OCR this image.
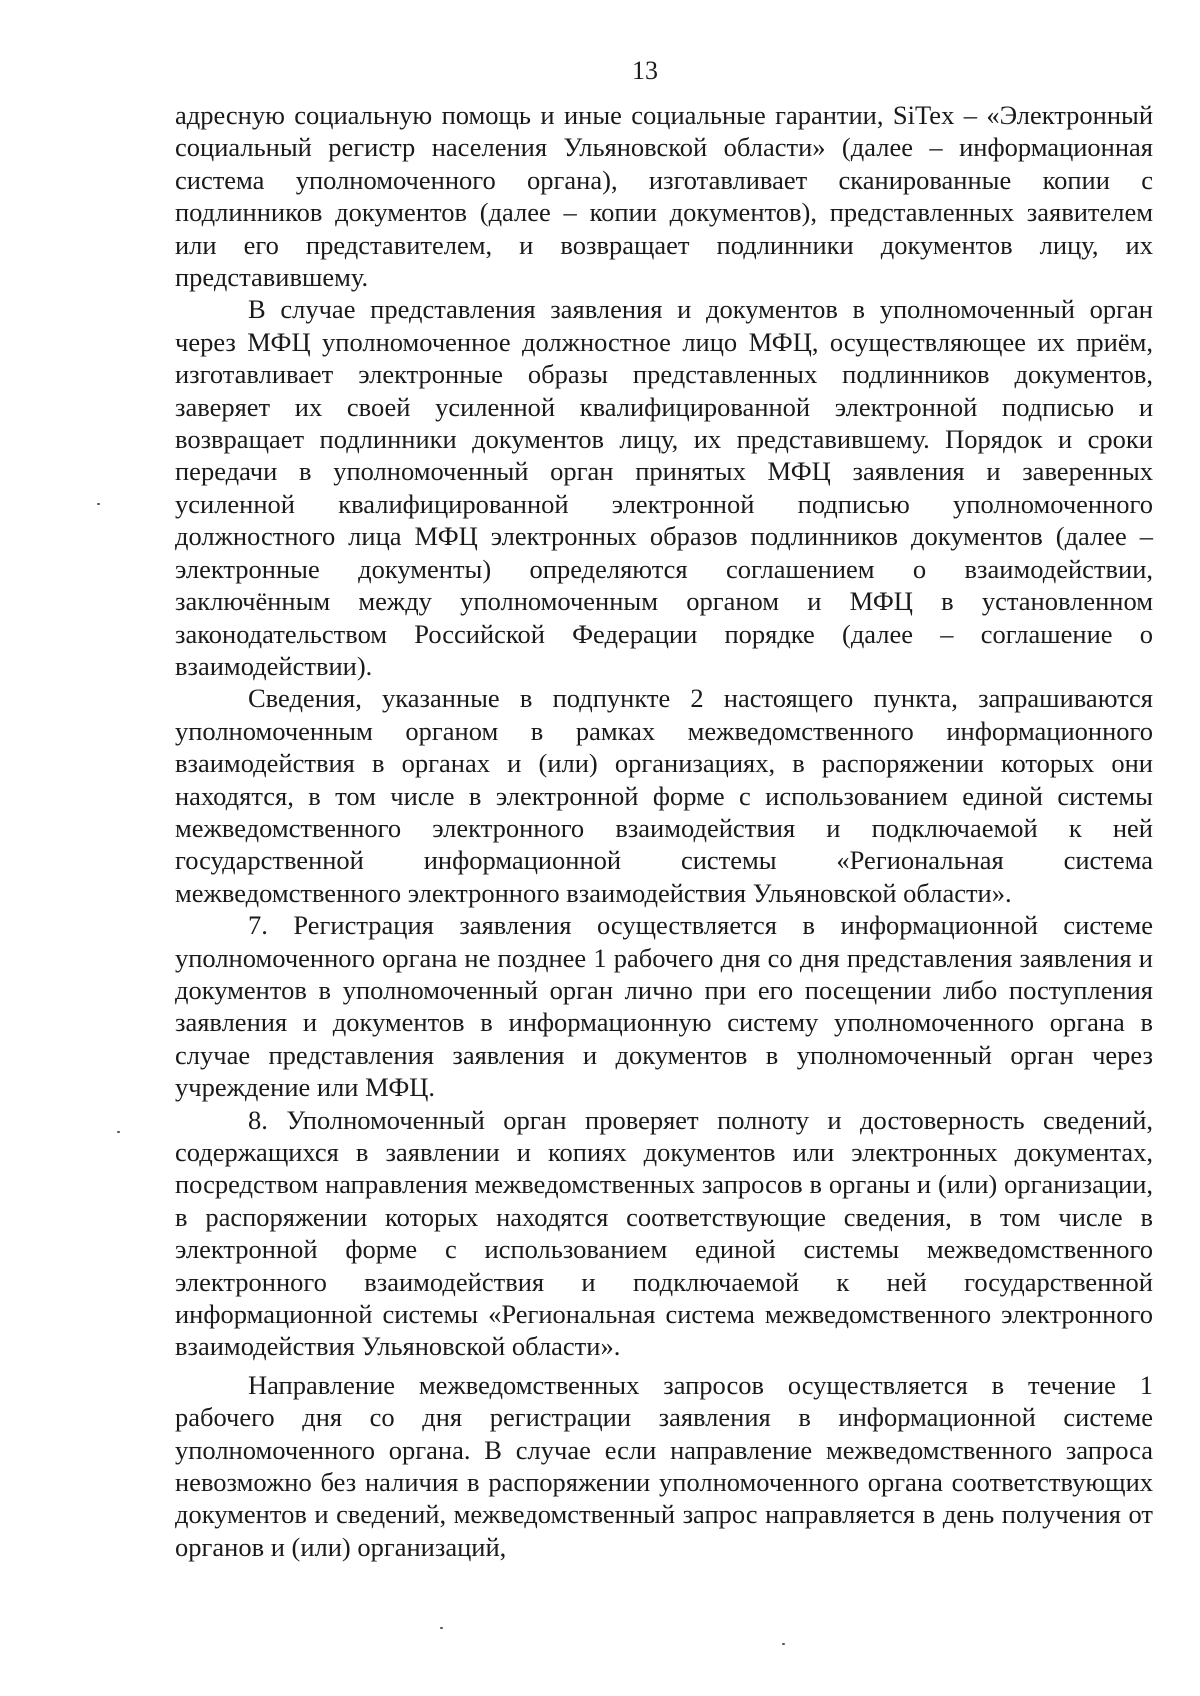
13

адресную социальную помощь и иные социальные гарантии, SiTex – «Электронный социальный регистр населения Ульяновской области» (далее – информационная система уполномоченного органа), изготавливает сканированные копии с подлинников документов (далее – копии документов), представленных заявителем или его представителем, и возвращает подлинники документов лицу, их представившему.

В случае представления заявления и документов в уполномоченный орган через МФЦ уполномоченное должностное лицо МФЦ, осуществляющее их приём, изготавливает электронные образы представленных подлинников документов, заверяет их своей усиленной квалифицированной электронной подписью и возвращает подлинники документов лицу, их представившему. Порядок и сроки передачи в уполномоченный орган принятых МФЦ заявления и заверенных усиленной квалифицированной электронной подписью уполномоченного должностного лица МФЦ электронных образов подлинников документов (далее – электронные документы) определяются соглашением о взаимодействии, заключённым между уполномоченным органом и МФЦ в установленном законодательством Российской Федерации порядке (далее – соглашение о взаимодействии).

Сведения, указанные в подпункте 2 настоящего пункта, запрашиваются уполномоченным органом в рамках межведомственного информационного взаимодействия в органах и (или) организациях, в распоряжении которых они находятся, в том числе в электронной форме с использованием единой системы межведомственного электронного взаимодействия и подключаемой к ней государственной информационной системы «Региональная система межведомственного электронного взаимодействия Ульяновской области».

7. Регистрация заявления осуществляется в информационной системе уполномоченного органа не позднее 1 рабочего дня со дня представления заявления и документов в уполномоченный орган лично при его посещении либо поступления заявления и документов в информационную систему уполномоченного органа в случае представления заявления и документов в уполномоченный орган через учреждение или МФЦ.

8. Уполномоченный орган проверяет полноту и достоверность сведений, содержащихся в заявлении и копиях документов или электронных документах, посредством направления межведомственных запросов в органы и (или) организации, в распоряжении которых находятся соответствующие сведения, в том числе в электронной форме с использованием единой системы межведомственного электронного взаимодействия и подключаемой к ней государственной информационной системы «Региональная система межведомственного электронного взаимодействия Ульяновской области».

Направление межведомственных запросов осуществляется в течение 1 рабочего дня со дня регистрации заявления в информационной системе уполномоченного органа. В случае если направление межведомственного запроса невозможно без наличия в распоряжении уполномоченного органа соответствующих документов и сведений, межведомственный запрос направляется в день получения от органов и (или) организаций,
